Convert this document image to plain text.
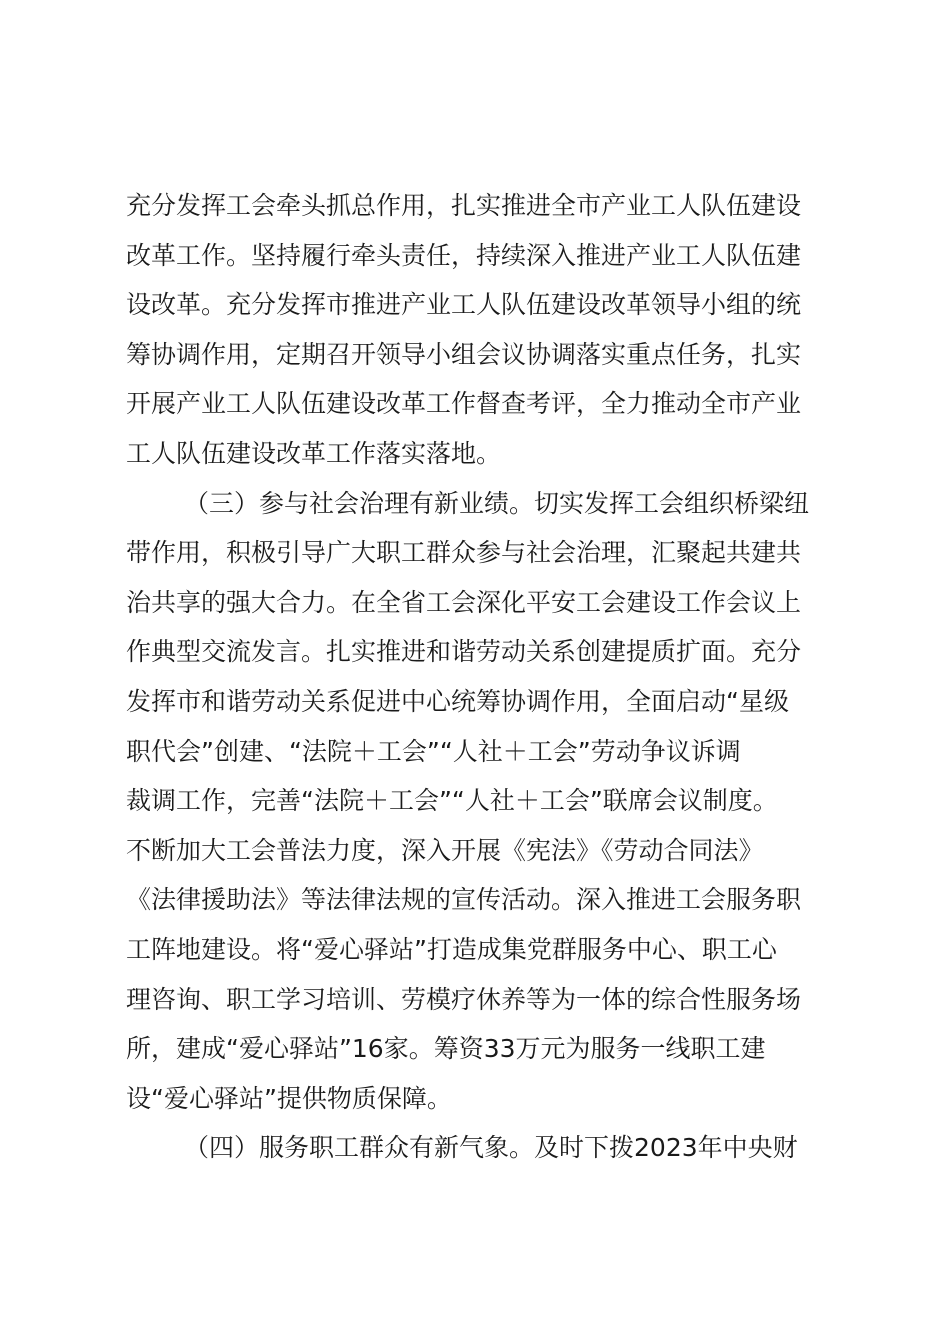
充分发挥工会牵头抓总作用，扎实推进全市产业工人队伍建设
改革工作。坚持履行牵头责任，持续深入推进产业工人队伍建
设改革。充分发挥市推进产业工人队伍建设改革领导小组的统
筹协调作用，定期召开领导小组会议协调落实重点任务，扎实
开展产业工人队伍建设改革工作督查考评，全力推动全市产业
工人队伍建设改革工作落实落地。
（三）参与社会治理有新业绩。切实发挥工会组织桥梁纽
带作用，积极引导广大职工群众参与社会治理，汇聚起共建共
治共享的强大合力。在全省工会深化平安工会建设工作会议上
作典型交流发言。扎实推进和谐劳动关系创建提质扩面。充分
发挥市和谐劳动关系促进中心统筹协调作用，全面启动“星级
职代会”创建、“法院＋工会”“人社＋工会”劳动争议诉调
裁调工作，完善“法院＋工会”“人社＋工会”联席会议制度。
不断加大工会普法力度，深入开展《宪法》《劳动合同法》
《法律援助法》等法律法规的宣传活动。深入推进工会服务职
工阵地建设。将“爱心驿站”打造成集党群服务中心、职工心
理咨询、职工学习培训、劳模疗休养等为一体的综合性服务场
所，建成“爱心驿站”16家。筹资33万元为服务一线职工建
设“爱心驿站”提供物质保障。
（四）服务职工群众有新气象。及时下拨2023年中央财
